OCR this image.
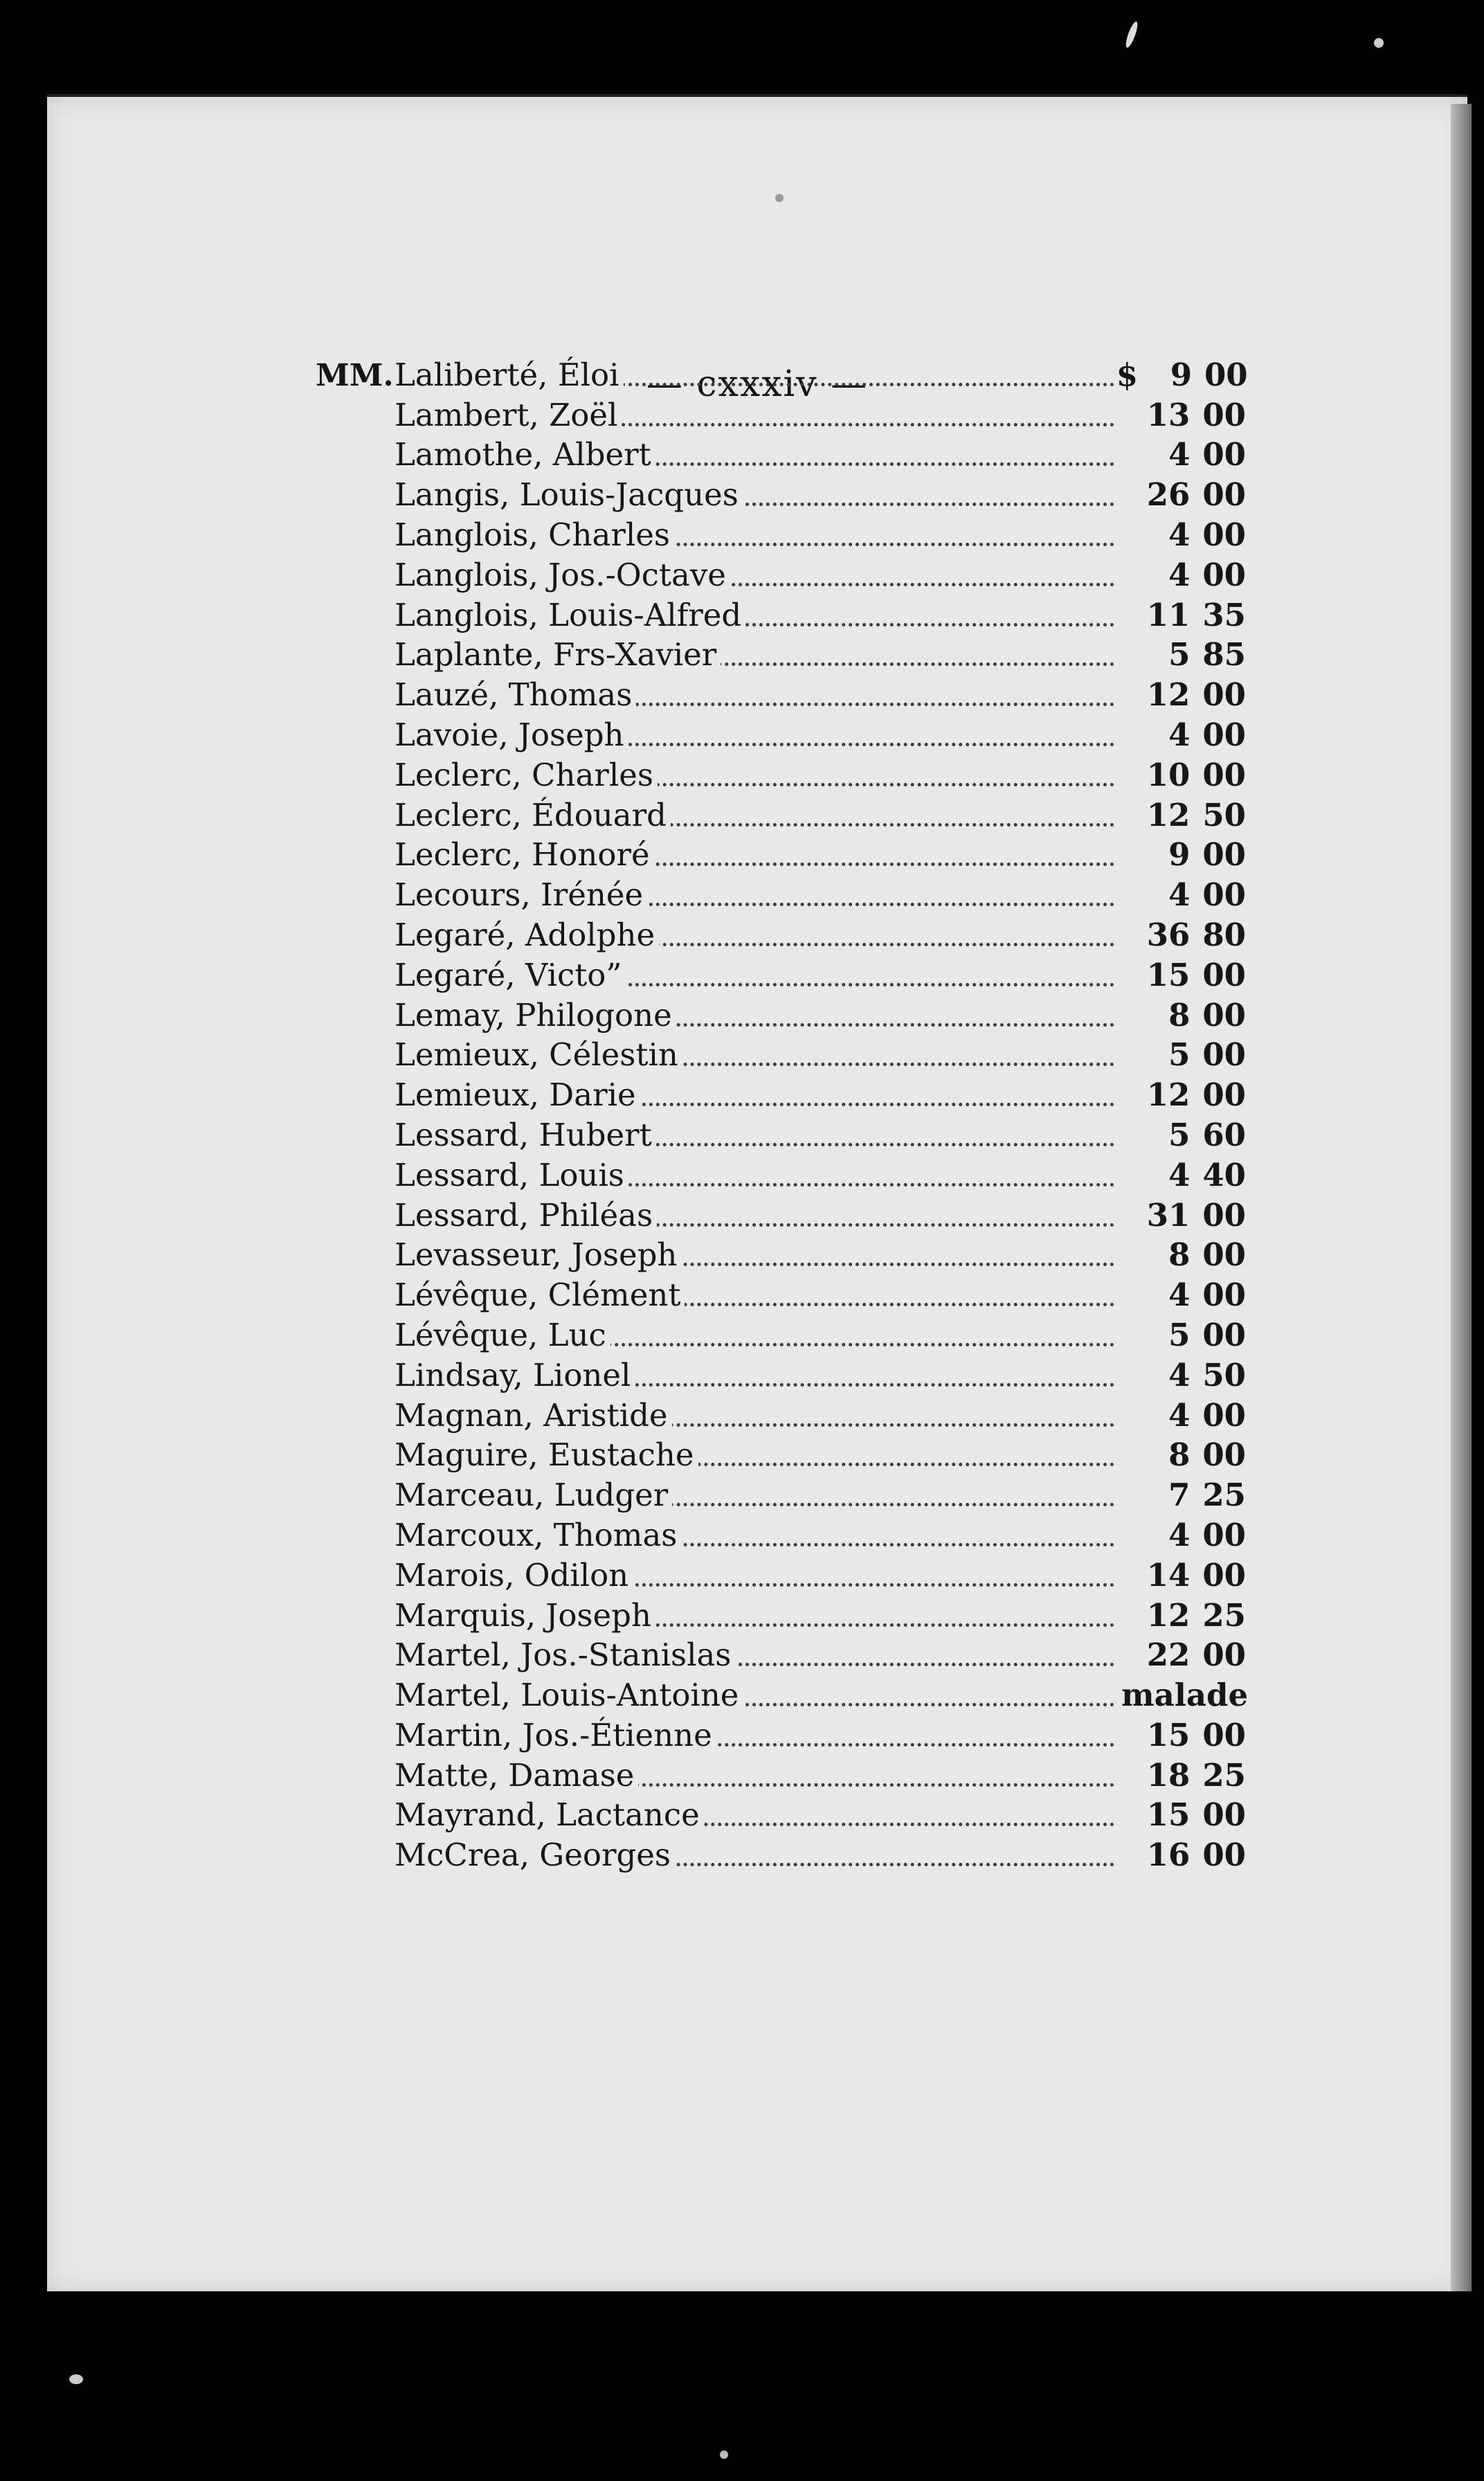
— cxxxiv —
MM. Laliberté, Éloi	$	9 00
Lambert, Zoël	13 00
Lamothe, Albert	4 00
Langis, Louis-Jacques	26 00
Langlois, Charles	4 00
Langlois, Jos.-Octave	4 00
Langlois, Louis-Alfred	11 35
Laplante, Frs-Xavier	5 85
Lauzé, Thomas	12 00
Lavoie, Joseph	4 00
Leclerc, Charles	10 00
Leclerc, Édouard	12 50
Leclerc, Honoré	9 00
Lecours, Irénée	4 00
Legaré, Adolphe	36 80
Legaré, Victo”	15 00
Lemay, Philogone	8 00
Lemieux, Célestin	5 00
Lemieux, Darie	12 00
Lessard, Hubert	5 60
Lessard, Louis	4 40
Lessard, Philéas	31 00
Levasseur, Joseph	8 00
Lévêque, Clément	4 00
Lévêque, Luc	5 00
Lindsay, Lionel	4 50
Magnan, Aristide	4 00
Maguire, Eustache	8 00
Marceau, Ludger	7 25
Marcoux, Thomas	4 00
Marois, Odilon	14 00
Marquis, Joseph	12 25
Martel, Jos.-Stanislas	22 00
Martel, Louis-Antoine	malade
Martin, Jos.-Étienne	15 00
Matte, Damase	18 25
Mayrand, Lactance	15 00
McCrea, Georges	16 00
